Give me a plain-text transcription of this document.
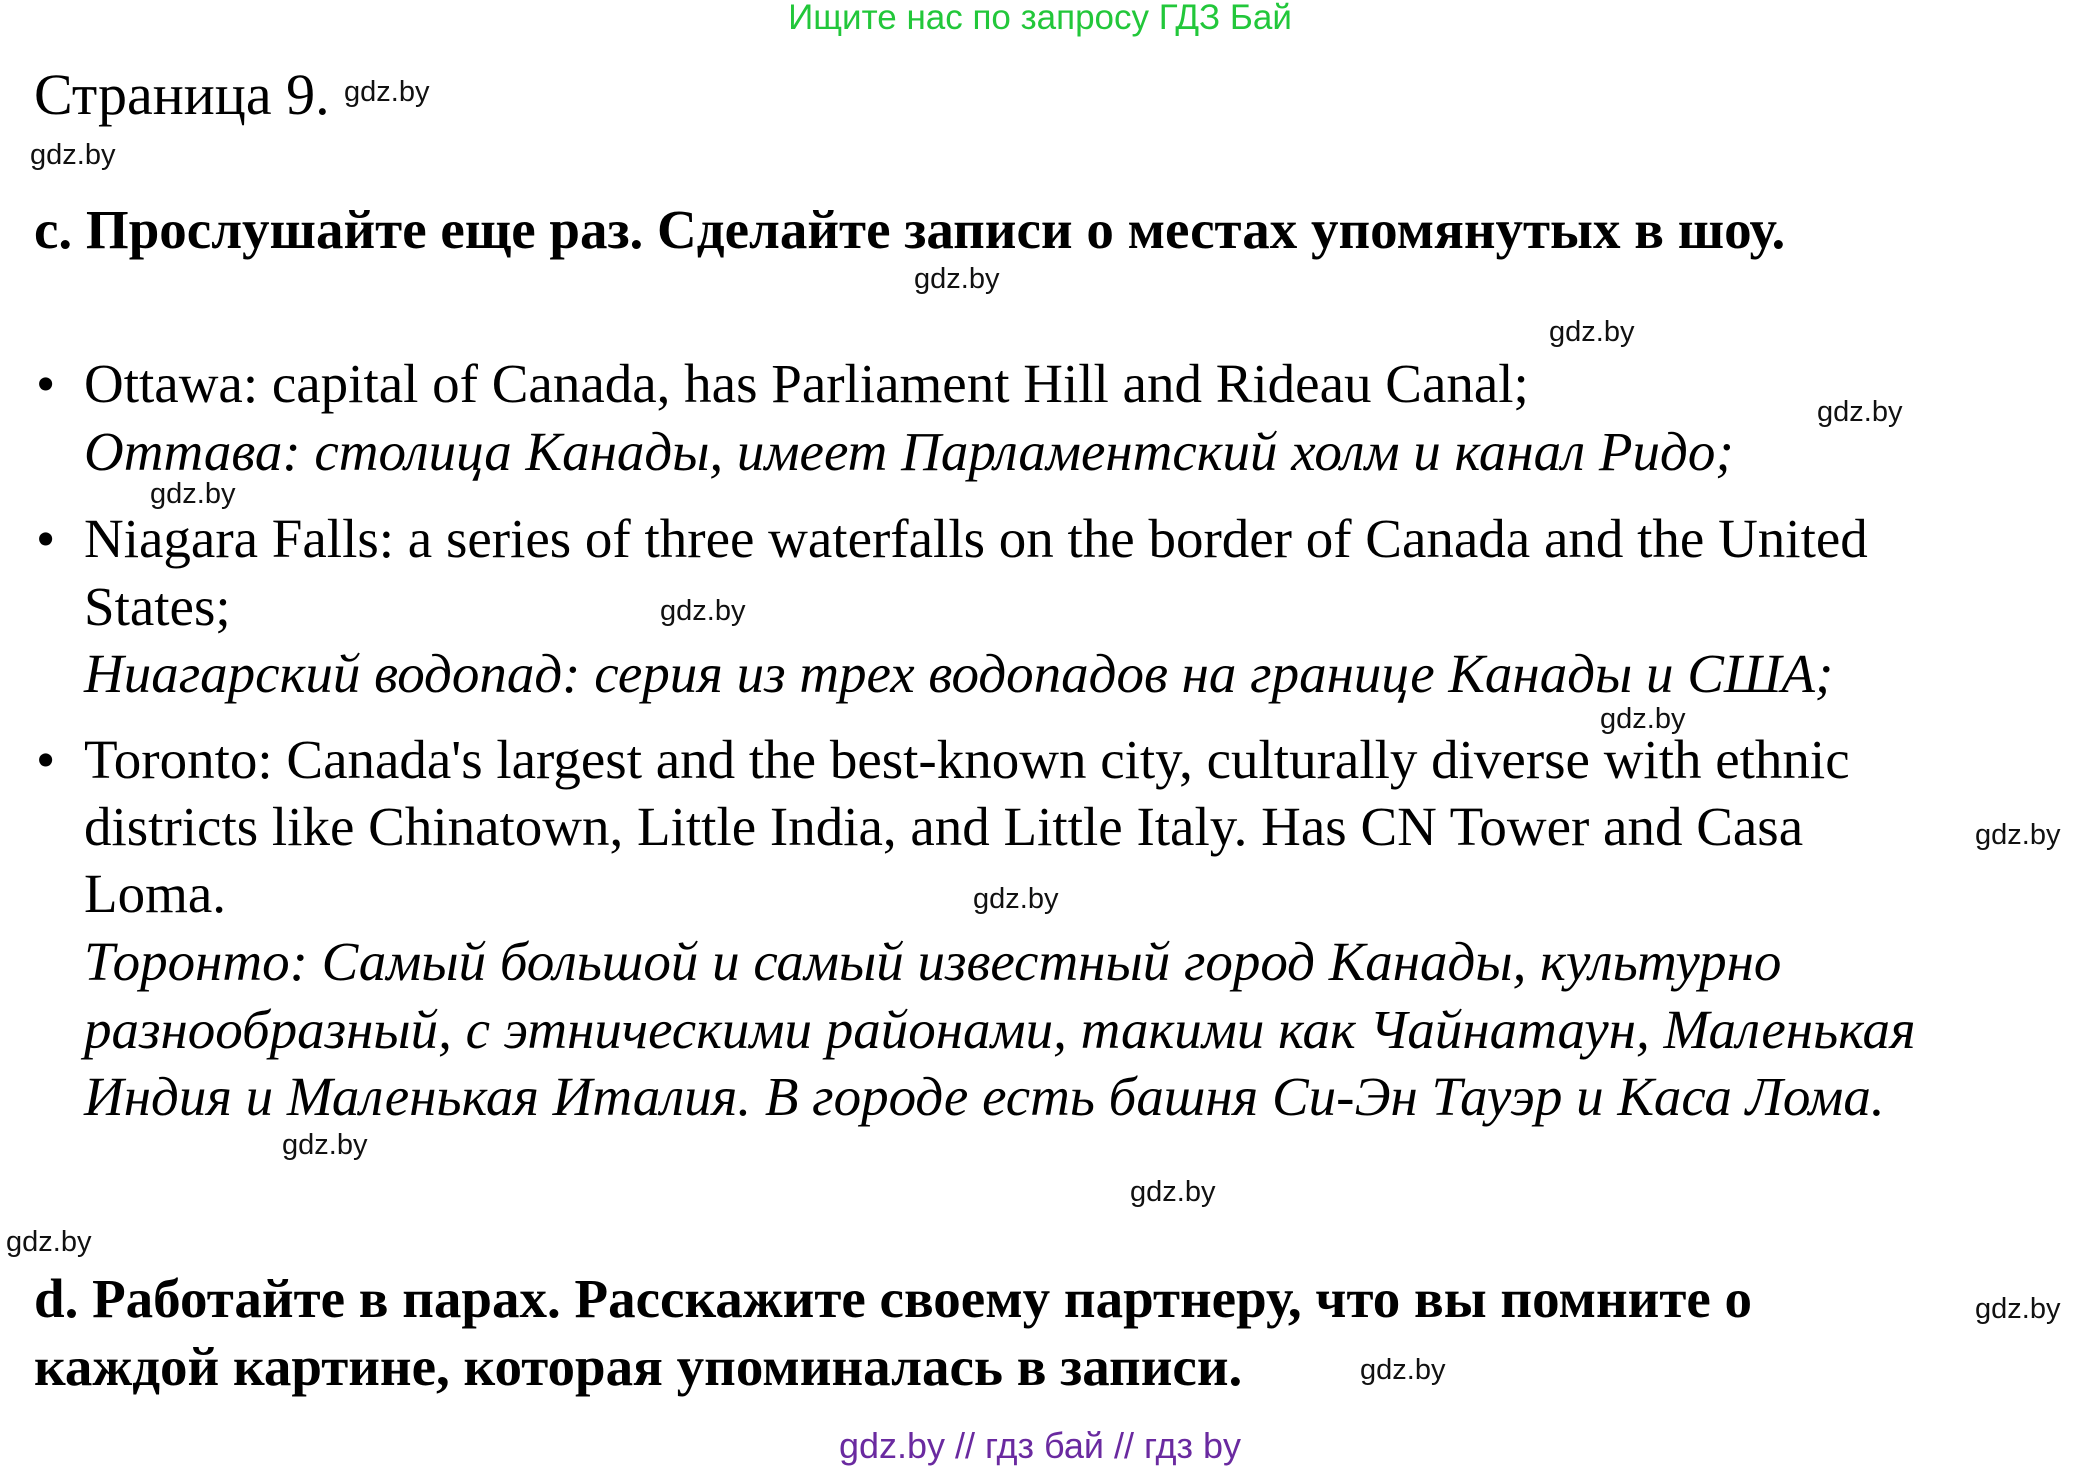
Ищите нас по запросу ГДЗ Бай
Страница 9.
c. Прослушайте еще раз. Сделайте записи о местах упомянутых в шоу.
• Ottawa: capital of Canada, has Parliament Hill and Rideau Canal;
Оттава: столица Канады, имеет Парламентский холм и канал Ридо;
• Niagara Falls: a series of three waterfalls on the border of Canada and the United
States;
Ниагарский водопад: серия из трех водопадов на границе Канады и США;
• Toronto: Canada's largest and the best-known city, culturally diverse with ethnic
districts like Chinatown, Little India, and Little Italy. Has CN Tower and Casa
Loma.
Торонто: Самый большой и самый известный город Канады, культурно
разнообразный, с этническими районами, такими как Чайнатаун, Маленькая
Индия и Маленькая Италия. В городе есть башня Си-Эн Тауэр и Каса Лома.
d. Работайте в парах. Расскажите своему партнеру, что вы помните о
каждой картине, которая упоминалась в записи.
gdz.by
gdz.by
gdz.by
gdz.by
gdz.by
gdz.by
gdz.by
gdz.by
gdz.by
gdz.by
gdz.by
gdz.by
gdz.by
gdz.by
gdz.by
gdz.by // гдз бай // гдз by
